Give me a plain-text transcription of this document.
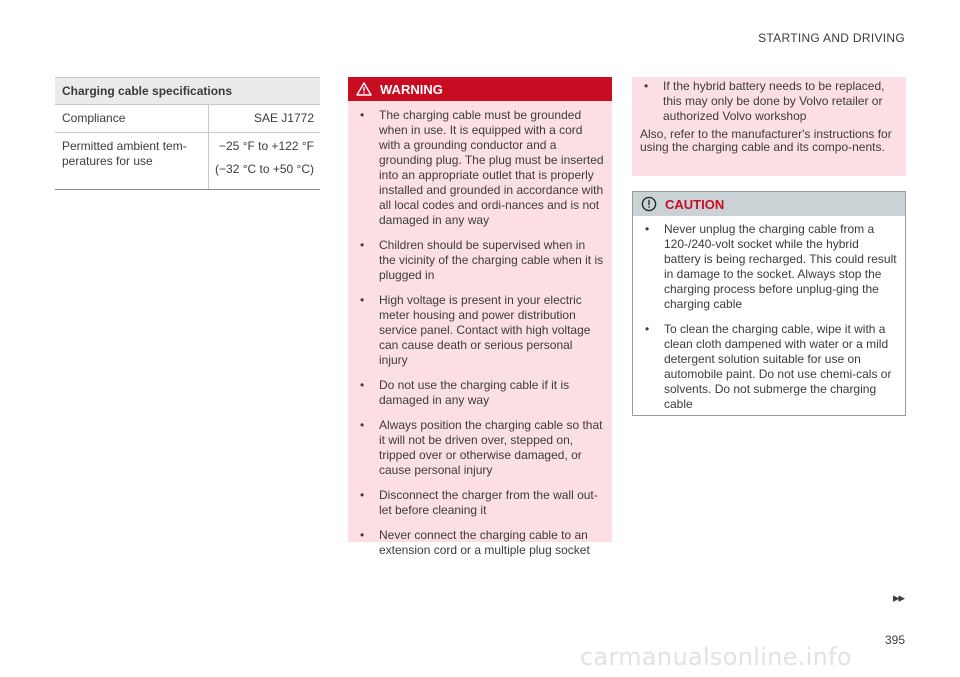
STARTING AND DRIVING
Charging cable specifications
Compliance	SAE J1772

Permitted ambient tem-
peratures for use

−25 °F to +122 °F

(−32 °C to +50 °C)

WARNING
• The charging cable must be grounded when in use. It is equipped with a cord with a grounding conductor and a grounding plug. The plug must be inserted into an appropriate outlet that is properly installed and grounded in accordance with all local codes and ordi-nances and is not damaged in any way
• Children should be supervised when in the vicinity of the charging cable when it is plugged in
• High voltage is present in your electric meter housing and power distribution service panel. Contact with high voltage can cause death or serious personal injury
• Do not use the charging cable if it is damaged in any way
• Always position the charging cable so that it will not be driven over, stepped on, tripped over or otherwise damaged, or cause personal injury
• Disconnect the charger from the wall out-let before cleaning it
• Never connect the charging cable to an extension cord or a multiple plug socket
• If the hybrid battery needs to be replaced, this may only be done by Volvo retailer or authorized Volvo workshop

Also, refer to the manufacturer's instructions for using the charging cable and its compo-nents.

CAUTION
• Never unplug the charging cable from a 120-/240-volt socket while the hybrid battery is being recharged. This could result in damage to the socket. Always stop the charging process before unplug-ging the charging cable
• To clean the charging cable, wipe it with a clean cloth dampened with water or a mild detergent solution suitable for use on automobile paint. Do not use chemi-cals or solvents. Do not submerge the charging cable
▸▸
395
carmanualsonline.info
